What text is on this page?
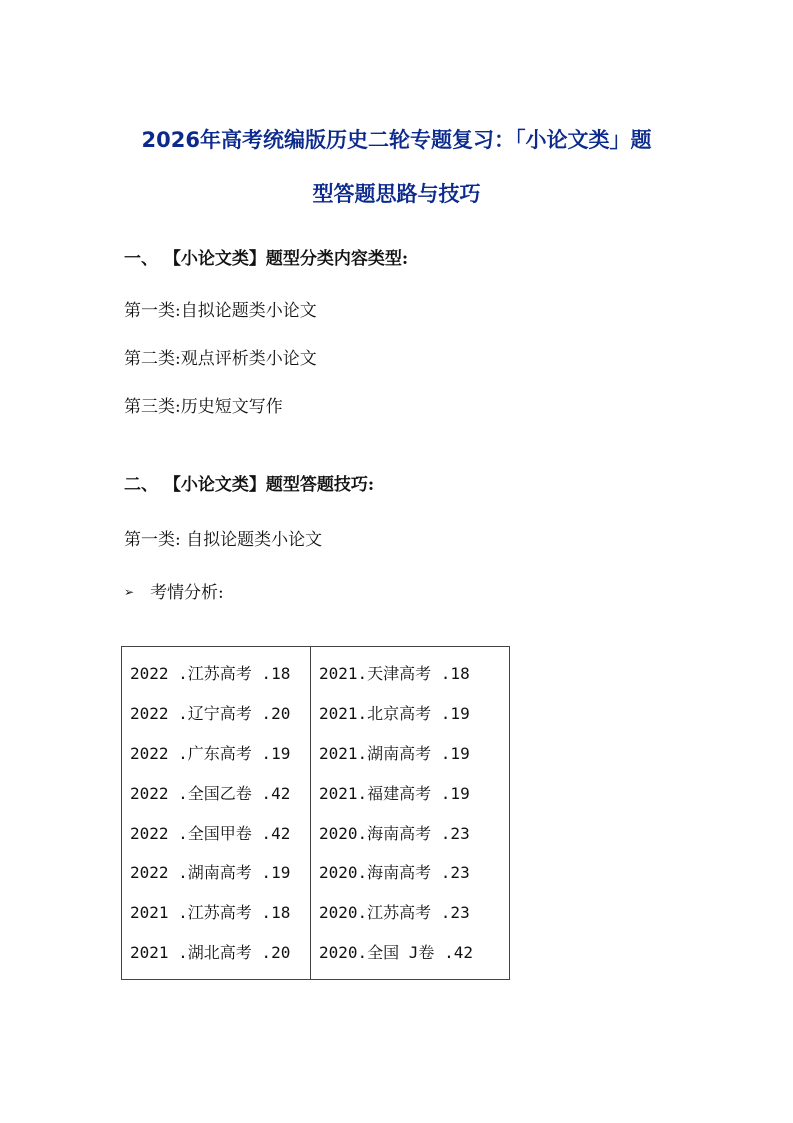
2026年高考统编版历史二轮专题复习：「小论文类」题
型答题思路与技巧
一、 【小论文类】题型分类内容类型:
第一类:自拟论题类小论文
第二类:观点评析类小论文
第三类:历史短文写作
二、 【小论文类】题型答题技巧:
第一类: 自拟论题类小论文
➢ 考情分析:
2022 .江苏高考 .18	2021.天津高考 .18
2022 .辽宁高考 .20	2021.北京高考 .19
2022 .广东高考 .19	2021.湖南高考 .19
2022 .全国乙卷 .42	2021.福建高考 .19
2022 .全国甲卷 .42	2020.海南高考 .23
2022 .湖南高考 .19	2020.海南高考 .23
2021 .江苏高考 .18	2020.江苏高考 .23
2021 .湖北高考 .20	2020.全国 J卷 .42
